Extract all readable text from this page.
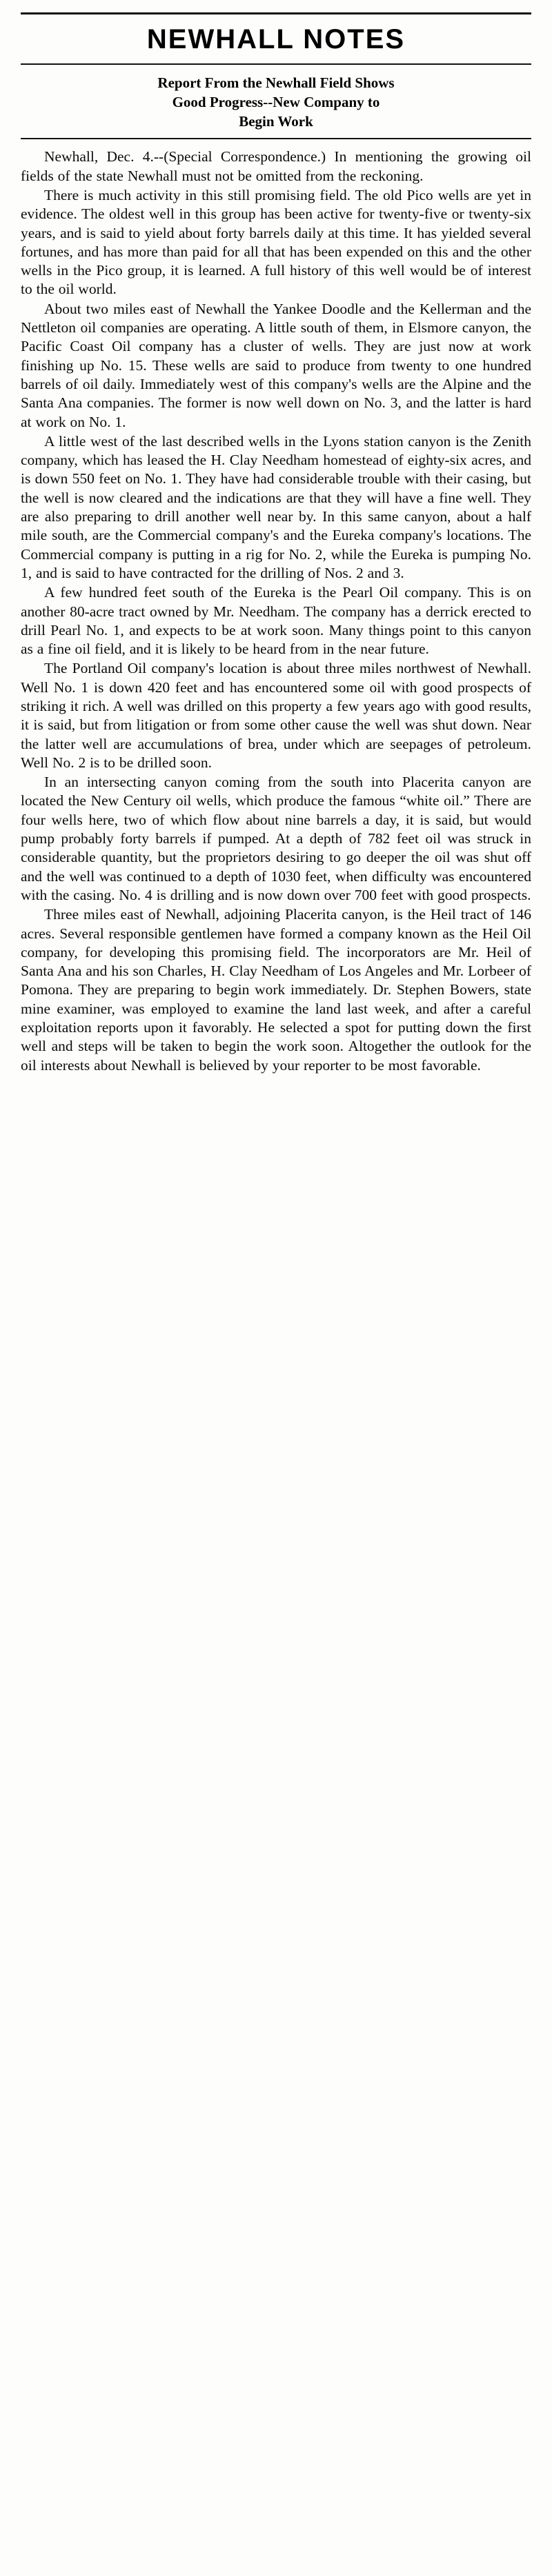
NEWHALL NOTES
Report From the Newhall Field Shows
Good Progress--New Company to
Begin Work

Newhall, Dec. 4.--(Special Correspondence.) In mentioning the growing oil fields of the state Newhall must not be omitted from the reckoning.

There is much activity in this still promising field. The old Pico wells are yet in evidence. The oldest well in this group has been active for twenty-five or twenty-six years, and is said to yield about forty barrels daily at this time. It has yielded several fortunes, and has more than paid for all that has been expended on this and the other wells in the Pico group, it is learned. A full history of this well would be of interest to the oil world.

About two miles east of Newhall the Yankee Doodle and the Kellerman and the Nettleton oil companies are operating. A little south of them, in Elsmore canyon, the Pacific Coast Oil company has a cluster of wells. They are just now at work finishing up No. 15. These wells are said to produce from twenty to one hundred barrels of oil daily. Immediately west of this company's wells are the Alpine and the Santa Ana companies. The former is now well down on No. 3, and the latter is hard at work on No. 1.

A little west of the last described wells in the Lyons station canyon is the Zenith company, which has leased the H. Clay Needham homestead of eighty-six acres, and is down 550 feet on No. 1. They have had considerable trouble with their casing, but the well is now cleared and the indications are that they will have a fine well. They are also preparing to drill another well near by. In this same canyon, about a half mile south, are the Commercial company's and the Eureka company's locations. The Commercial company is putting in a rig for No. 2, while the Eureka is pumping No. 1, and is said to have contracted for the drilling of Nos. 2 and 3.

A few hundred feet south of the Eureka is the Pearl Oil company. This is on another 80-acre tract owned by Mr. Needham. The company has a derrick erected to drill Pearl No. 1, and expects to be at work soon. Many things point to this canyon as a fine oil field, and it is likely to be heard from in the near future.

The Portland Oil company's location is about three miles northwest of Newhall. Well No. 1 is down 420 feet and has encountered some oil with good prospects of striking it rich. A well was drilled on this property a few years ago with good results, it is said, but from litigation or from some other cause the well was shut down. Near the latter well are accumulations of brea, under which are seepages of petroleum. Well No. 2 is to be drilled soon.

In an intersecting canyon coming from the south into Placerita canyon are located the New Century oil wells, which produce the famous “white oil.” There are four wells here, two of which flow about nine barrels a day, it is said, but would pump probably forty barrels if pumped. At a depth of 782 feet oil was struck in considerable quantity, but the proprietors desiring to go deeper the oil was shut off and the well was continued to a depth of 1030 feet, when difficulty was encountered with the casing. No. 4 is drilling and is now down over 700 feet with good prospects.

Three miles east of Newhall, adjoining Placerita canyon, is the Heil tract of 146 acres. Several responsible gentlemen have formed a company known as the Heil Oil company, for developing this promising field. The incorporators are Mr. Heil of Santa Ana and his son Charles, H. Clay Needham of Los Angeles and Mr. Lorbeer of Pomona. They are preparing to begin work immediately. Dr. Stephen Bowers, state mine examiner, was employed to examine the land last week, and after a careful exploitation reports upon it favorably. He selected a spot for putting down the first well and steps will be taken to begin the work soon. Altogether the outlook for the oil interests about Newhall is believed by your reporter to be most favorable.
